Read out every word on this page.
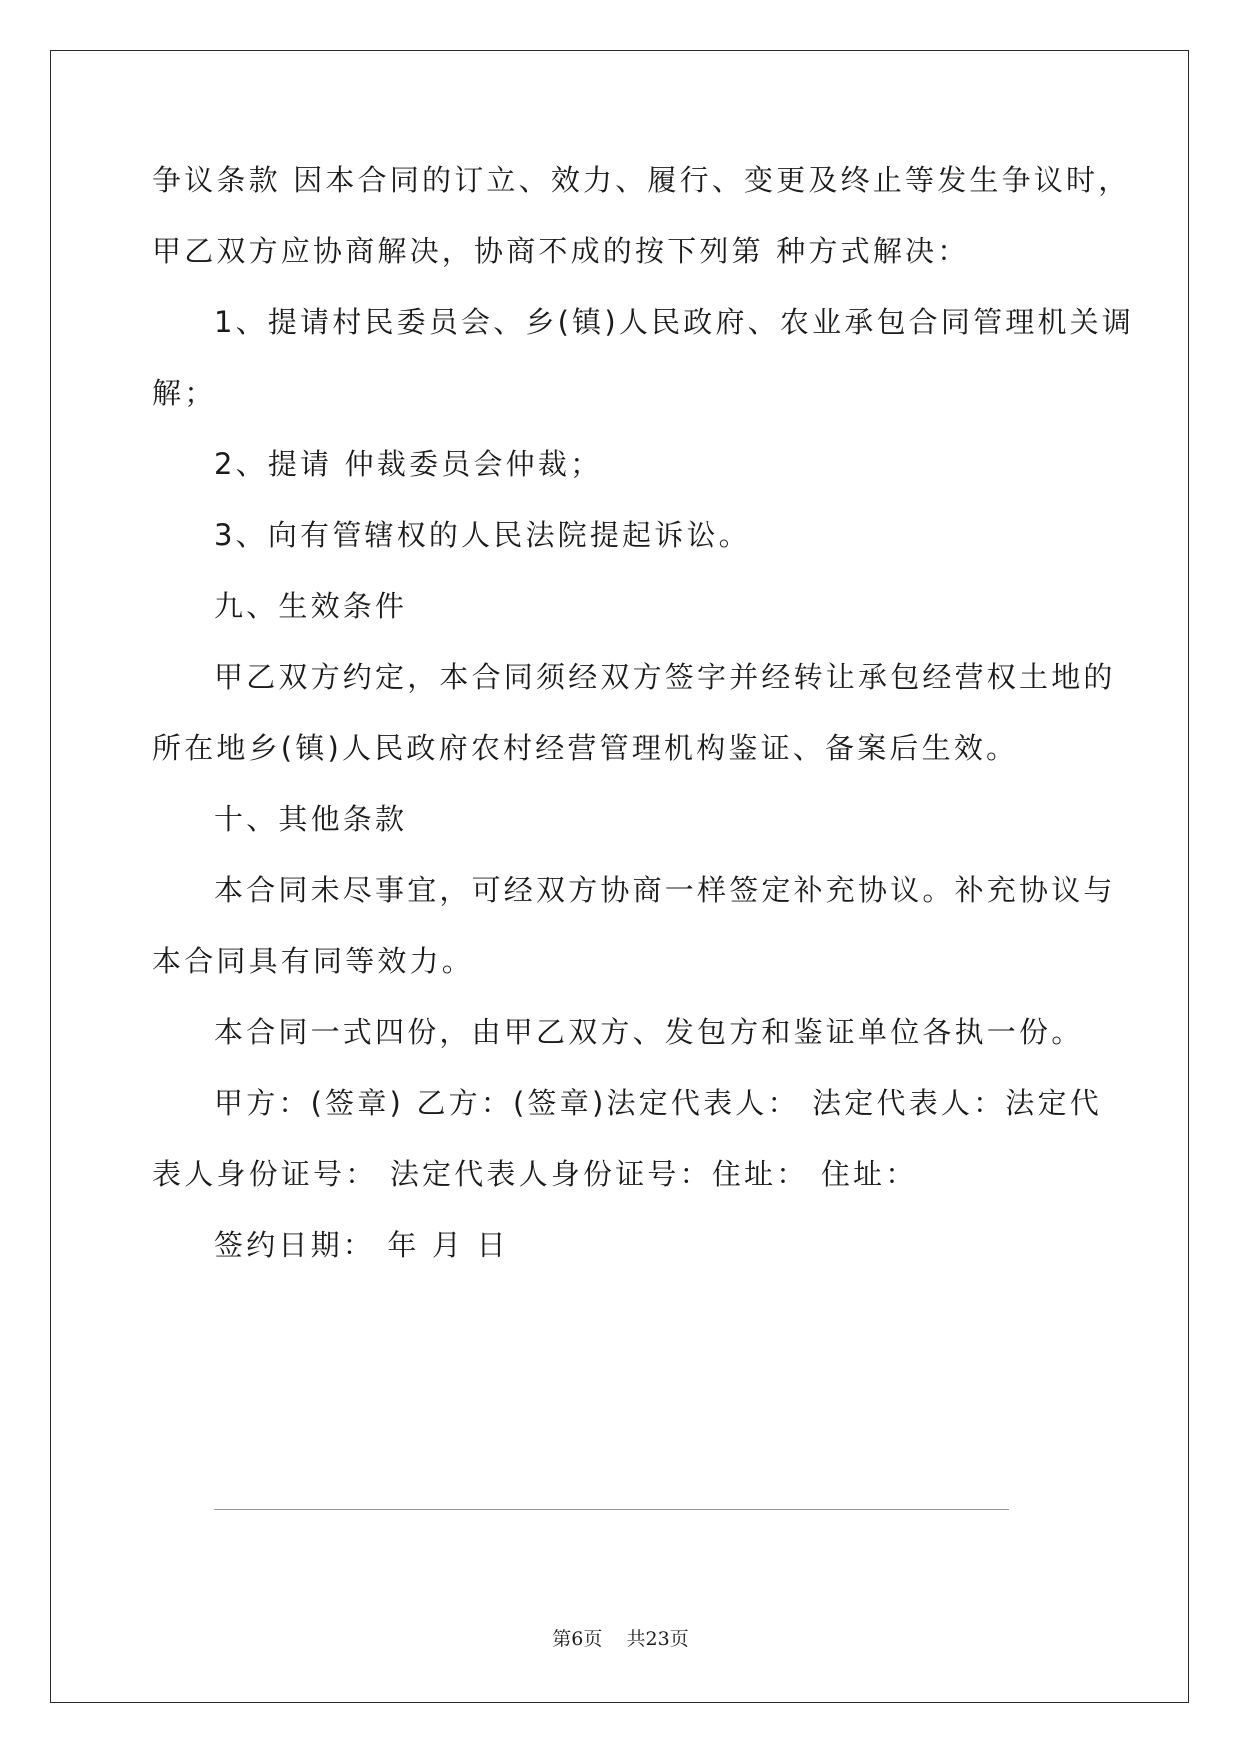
争议条款 因本合同的订立、效力、履行、变更及终止等发生争议时，
甲乙双方应协商解决，协商不成的按下列第 种方式解决：
1、提请村民委员会、乡(镇)人民政府、农业承包合同管理机关调
解；
2、提请 仲裁委员会仲裁；
3、向有管辖权的人民法院提起诉讼。
九、生效条件
甲乙双方约定，本合同须经双方签字并经转让承包经营权土地的
所在地乡(镇)人民政府农村经营管理机构鉴证、备案后生效。
十、其他条款
本合同未尽事宜，可经双方协商一样签定补充协议。补充协议与
本合同具有同等效力。
本合同一式四份，由甲乙双方、发包方和鉴证单位各执一份。
甲方：(签章) 乙方：(签章)法定代表人： 法定代表人：法定代
表人身份证号： 法定代表人身份证号：住址： 住址：
签约日期： 年 月 日
第6页 共23页
